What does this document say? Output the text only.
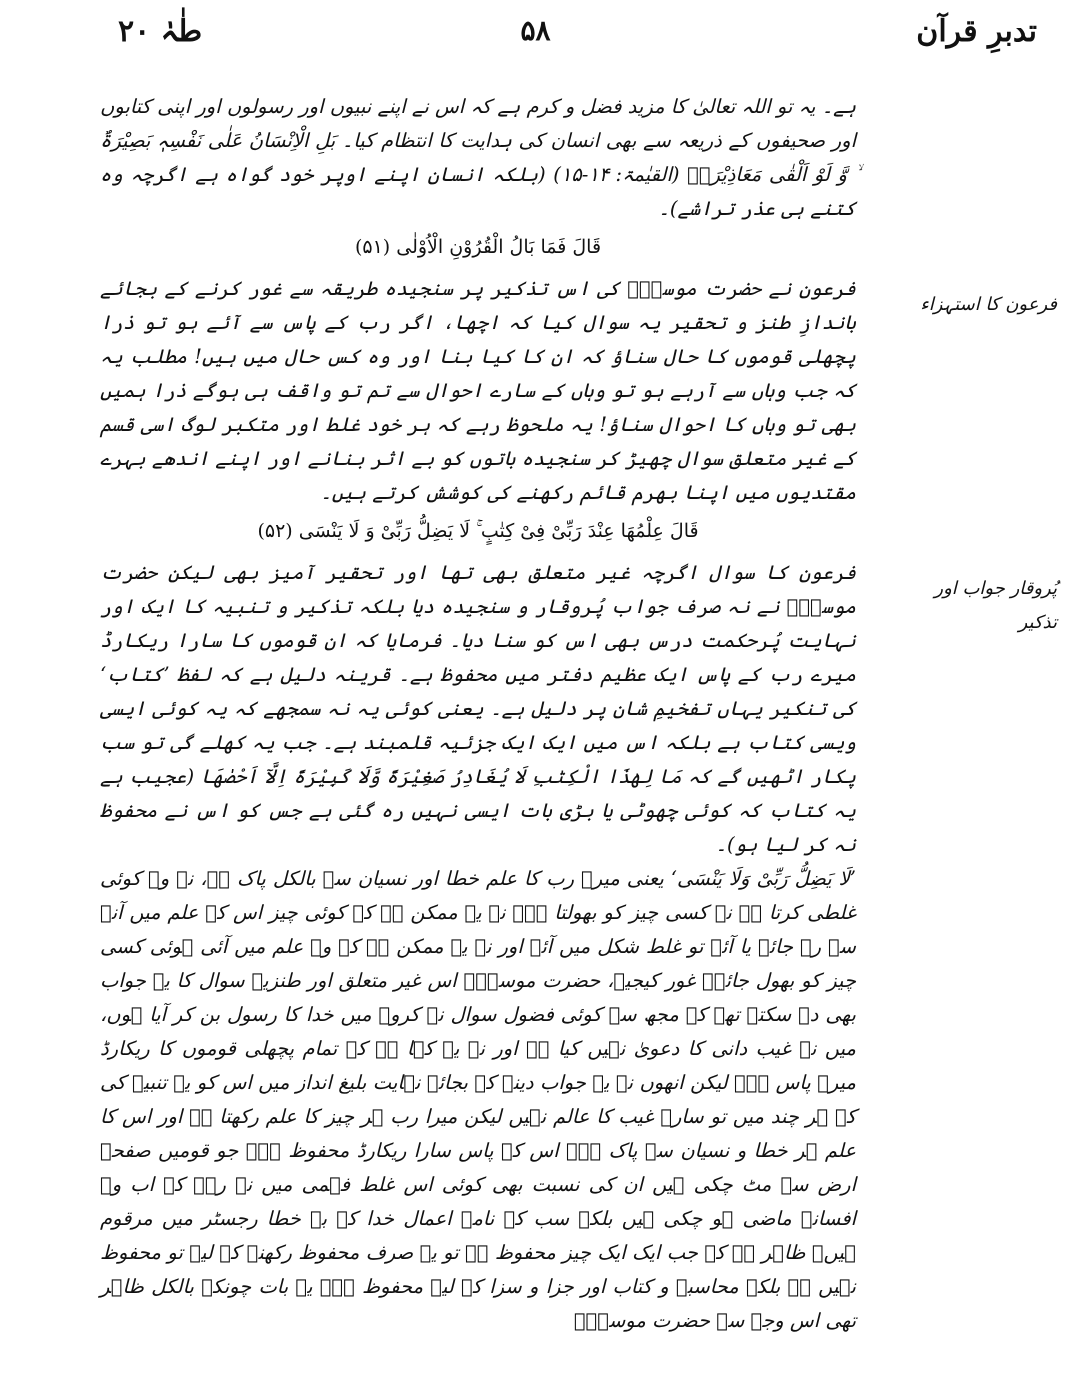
تدبرِ قرآن
۵۸
طٰہٰ ۲۰
فرعون کا استہزاء
پُروقار جواب اور تذکیر

ہے۔ یہ تو اللہ تعالیٰ کا مزید فضل و کرم ہے کہ اس نے اپنے نبیوں اور رسولوں اور اپنی کتابوں اور صحیفوں کے ذریعہ سے بھی انسان کی ہدایت کا انتظام کیا۔ بَلِ الْاِنْسَانُ عَلٰی نَفْسِہٖ بَصِیْرَۃٌ ۙ وَّ لَوْ اَلْقٰی مَعَاذِیْرَہٗ (القیٰمۃ: ۱۴-۱۵) (بلکہ انسان اپنے اوپر خود گواہ ہے اگرچہ وہ کتنے ہی عذر تراشے)۔

قَالَ فَمَا بَالُ الْقُرُوْنِ الْاُوْلٰی (۵۱)

فرعون نے حضرت موسیٰؑ کی اس تذکیر پر سنجیدہ طریقہ سے غور کرنے کے بجائے باندازِ طنز و تحقیر یہ سوال کیا کہ اچھا، اگر رب کے پاس سے آئے ہو تو ذرا پچھلی قوموں کا حال سناؤ کہ ان کا کیا بنا اور وہ کس حال میں ہیں! مطلب یہ کہ جب وہاں سے آرہے ہو تو وہاں کے سارے احوال سے تم تو واقف ہی ہوگے ذرا ہمیں بھی تو وہاں کا احوال سناؤ! یہ ملحوظ رہے کہ ہر خود غلط اور متکبر لوگ اسی قسم کے غیر متعلق سوال چھیڑ کر سنجیدہ باتوں کو بے اثر بنانے اور اپنے اندھے بہرے مقتدیوں میں اپنا بھرم قائم رکھنے کی کوشش کرتے ہیں۔

قَالَ عِلْمُهَا عِنْدَ رَبِّیْ فِیْ كِتٰبٍ ۚ لَا یَضِلُّ رَبِّیْ وَ لَا یَنْسَی (۵۲)

فرعون کا سوال اگرچہ غیر متعلق بھی تھا اور تحقیر آمیز بھی لیکن حضرت موسیٰؑ نے نہ صرف جواب پُروقار و سنجیدہ دیا بلکہ تذکیر و تنبیہ کا ایک اور نہایت پُرحکمت درس بھی اس کو سنا دیا۔ فرمایا کہ ان قوموں کا سارا ریکارڈ میرے رب کے پاس ایک عظیم دفتر میں محفوظ ہے۔ قرینہ دلیل ہے کہ لفظ ’کتاب‘ کی تنکیر یہاں تفخیمِ شان پر دلیل ہے۔ یعنی کوئی یہ نہ سمجھے کہ یہ کوئی ایسی ویسی کتاب ہے بلکہ اس میں ایک ایک جزئیہ قلمبند ہے۔ جب یہ کھلے گی تو سب پکار اٹھیں گے کہ مَا لِھٰذَا الْکِتٰبِ لَا یُغَادِرُ صَغِیْرَۃً وَّلَا کَبِیْرَۃً اِلَّآ اَحْصٰھَا (عجیب ہے یہ کتاب کہ کوئی چھوٹی یا بڑی بات ایسی نہیں رہ گئی ہے جس کو اس نے محفوظ نہ کر لیا ہو)۔

’لَا یَضِلُّ رَبِّیْ وَلَا یَنْسَی‘ یعنی میرے رب کا علم خطا اور نسیان سے بالکل پاک ہے، نہ وہ کوئی غلطی کرتا ہے نہ کسی چیز کو بھولتا ہے۔ نہ یہ ممکن ہے کہ کوئی چیز اس کے علم میں آنے سے رہ جائے یا آئے تو غلط شکل میں آئے اور نہ یہ ممکن ہے کہ وہ علم میں آئی ہوئی کسی چیز کو بھول جائے۔ غور کیجیے، حضرت موسیٰؑ اس غیر متعلق اور طنزیہ سوال کا یہ جواب بھی دے سکتے تھے کہ مجھ سے کوئی فضول سوال نہ کرو۔ میں خدا کا رسول بن کر آیا ہوں، میں نے غیب دانی کا دعویٰ نہیں کیا ہے اور نہ یہ کہا ہے کہ تمام پچھلی قوموں کا ریکارڈ میرے پاس ہے۔ لیکن انھوں نے یہ جواب دینے کے بجائے نہایت بلیغ انداز میں اس کو یہ تنبیہ کی کہ ہر چند میں تو سارے غیب کا عالم نہیں لیکن میرا رب ہر چیز کا علم رکھتا ہے اور اس کا علم ہر خطا و نسیان سے پاک ہے۔ اس کے پاس سارا ریکارڈ محفوظ ہے۔ جو قومیں صفحۂ ارض سے مٹ چکی ہیں ان کی نسبت بھی کوئی اس غلط فہمی میں نہ رہے کہ اب وہ افسانۂ ماضی ہو چکی ہیں بلکہ سب کے نامۂ اعمال خدا کے بے خطا رجسٹر میں مرقوم ہیں۔ ظاہر ہے کہ جب ایک ایک چیز محفوظ ہے تو یہ صرف محفوظ رکھنے کے لیے تو محفوظ نہیں ہے بلکہ محاسبہ و کتاب اور جزا و سزا کے لیے محفوظ ہے۔ یہ بات چونکہ بالکل ظاہر تھی اس وجہ سے حضرت موسیٰؑ
